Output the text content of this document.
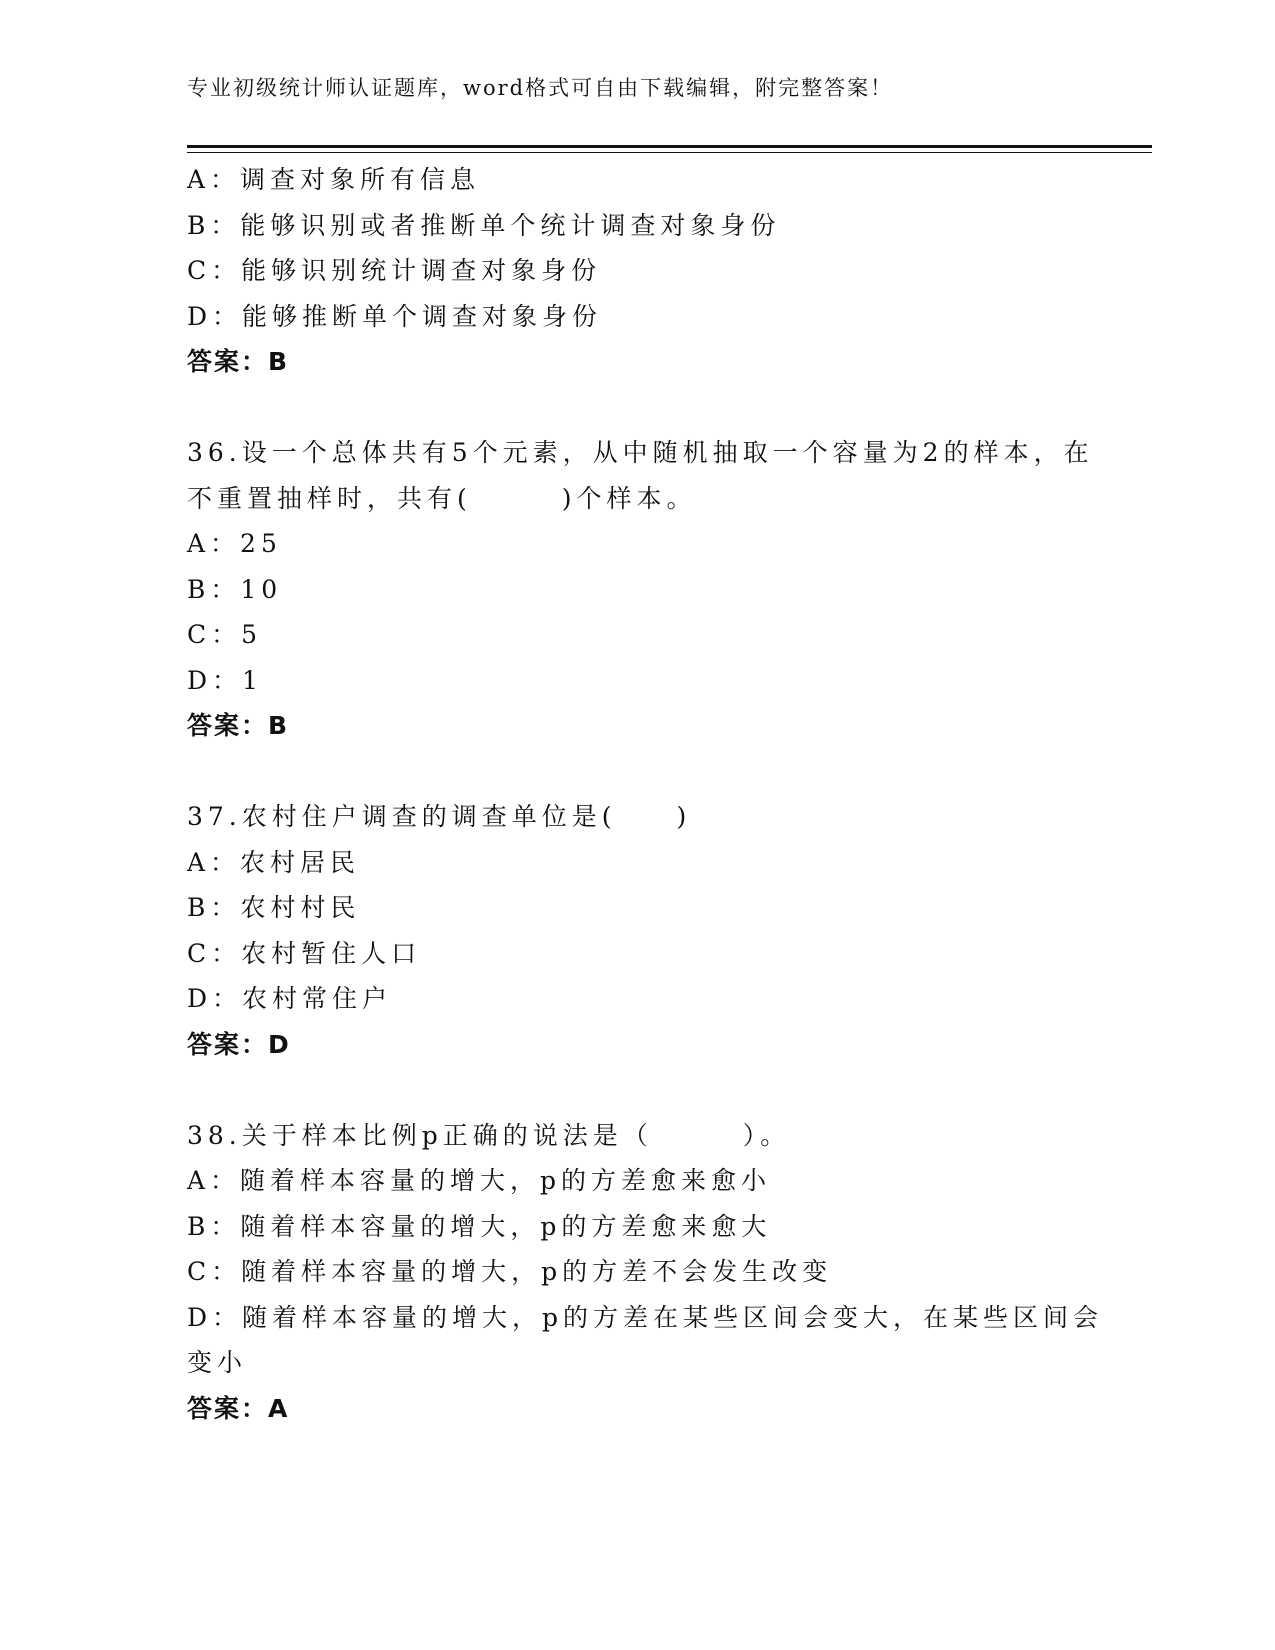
专业初级统计师认证题库，word格式可自由下载编辑，附完整答案！
A：调查对象所有信息
B：能够识别或者推断单个统计调查对象身份
C：能够识别统计调查对象身份
D：能够推断单个调查对象身份
答案：B
36.设一个总体共有5个元素，从中随机抽取一个容量为2的样本，在
不重置抽样时，共有(　　　)个样本。
A：25
B：10
C：5
D：1
答案：B
37.农村住户调查的调查单位是(　　)
A：农村居民
B：农村村民
C：农村暂住人口
D：农村常住户
答案：D
38.关于样本比例p正确的说法是（　　　）。
A：随着样本容量的增大，p的方差愈来愈小
B：随着样本容量的增大，p的方差愈来愈大
C：随着样本容量的增大，p的方差不会发生改变
D：随着样本容量的增大，p的方差在某些区间会变大，在某些区间会
变小
答案：A
